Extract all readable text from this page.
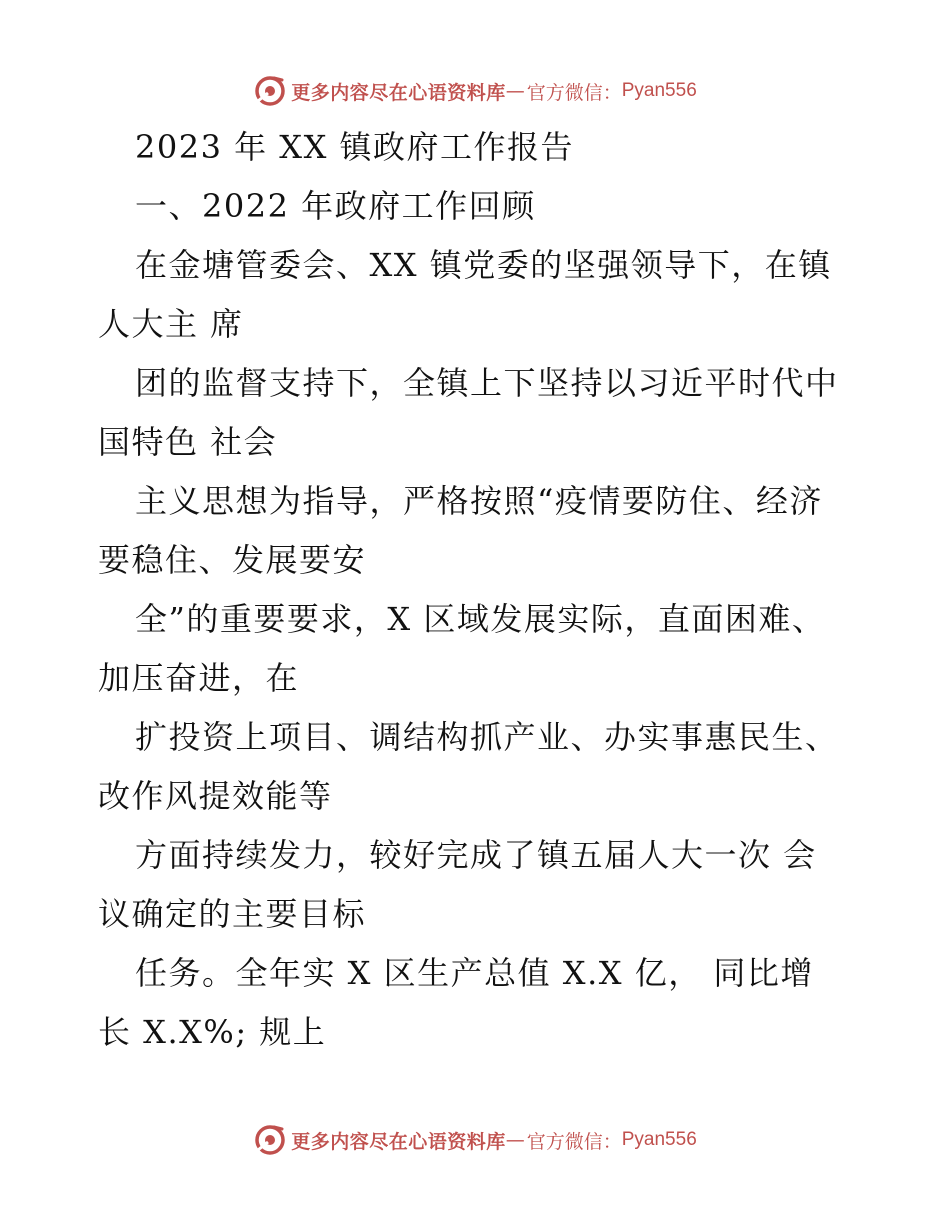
更多内容尽在心语资料库 — 官方微信： Pyan556
2023 年 XX 镇政府工作报告
一、2022 年政府工作回顾
在金塘管委会、XX 镇党委的坚强领导下，在镇
人大主 席
团的监督支持下，全镇上下坚持以习近平时代中
国特色 社会
主义思想为指导，严格按照“疫情要防住、经济
要稳住、发展要安
全”的重要要求，X 区域发展实际，直面困难、
加压奋进，在
扩投资上项目、调结构抓产业、办实事惠民生、
改作风提效能等
方面持续发力，较好完成了镇五届人大一次 会
议确定的主要目标
任务。全年实 X 区生产总值 X.X 亿， 同比增
长 X.X%; 规上
更多内容尽在心语资料库 — 官方微信： Pyan556
